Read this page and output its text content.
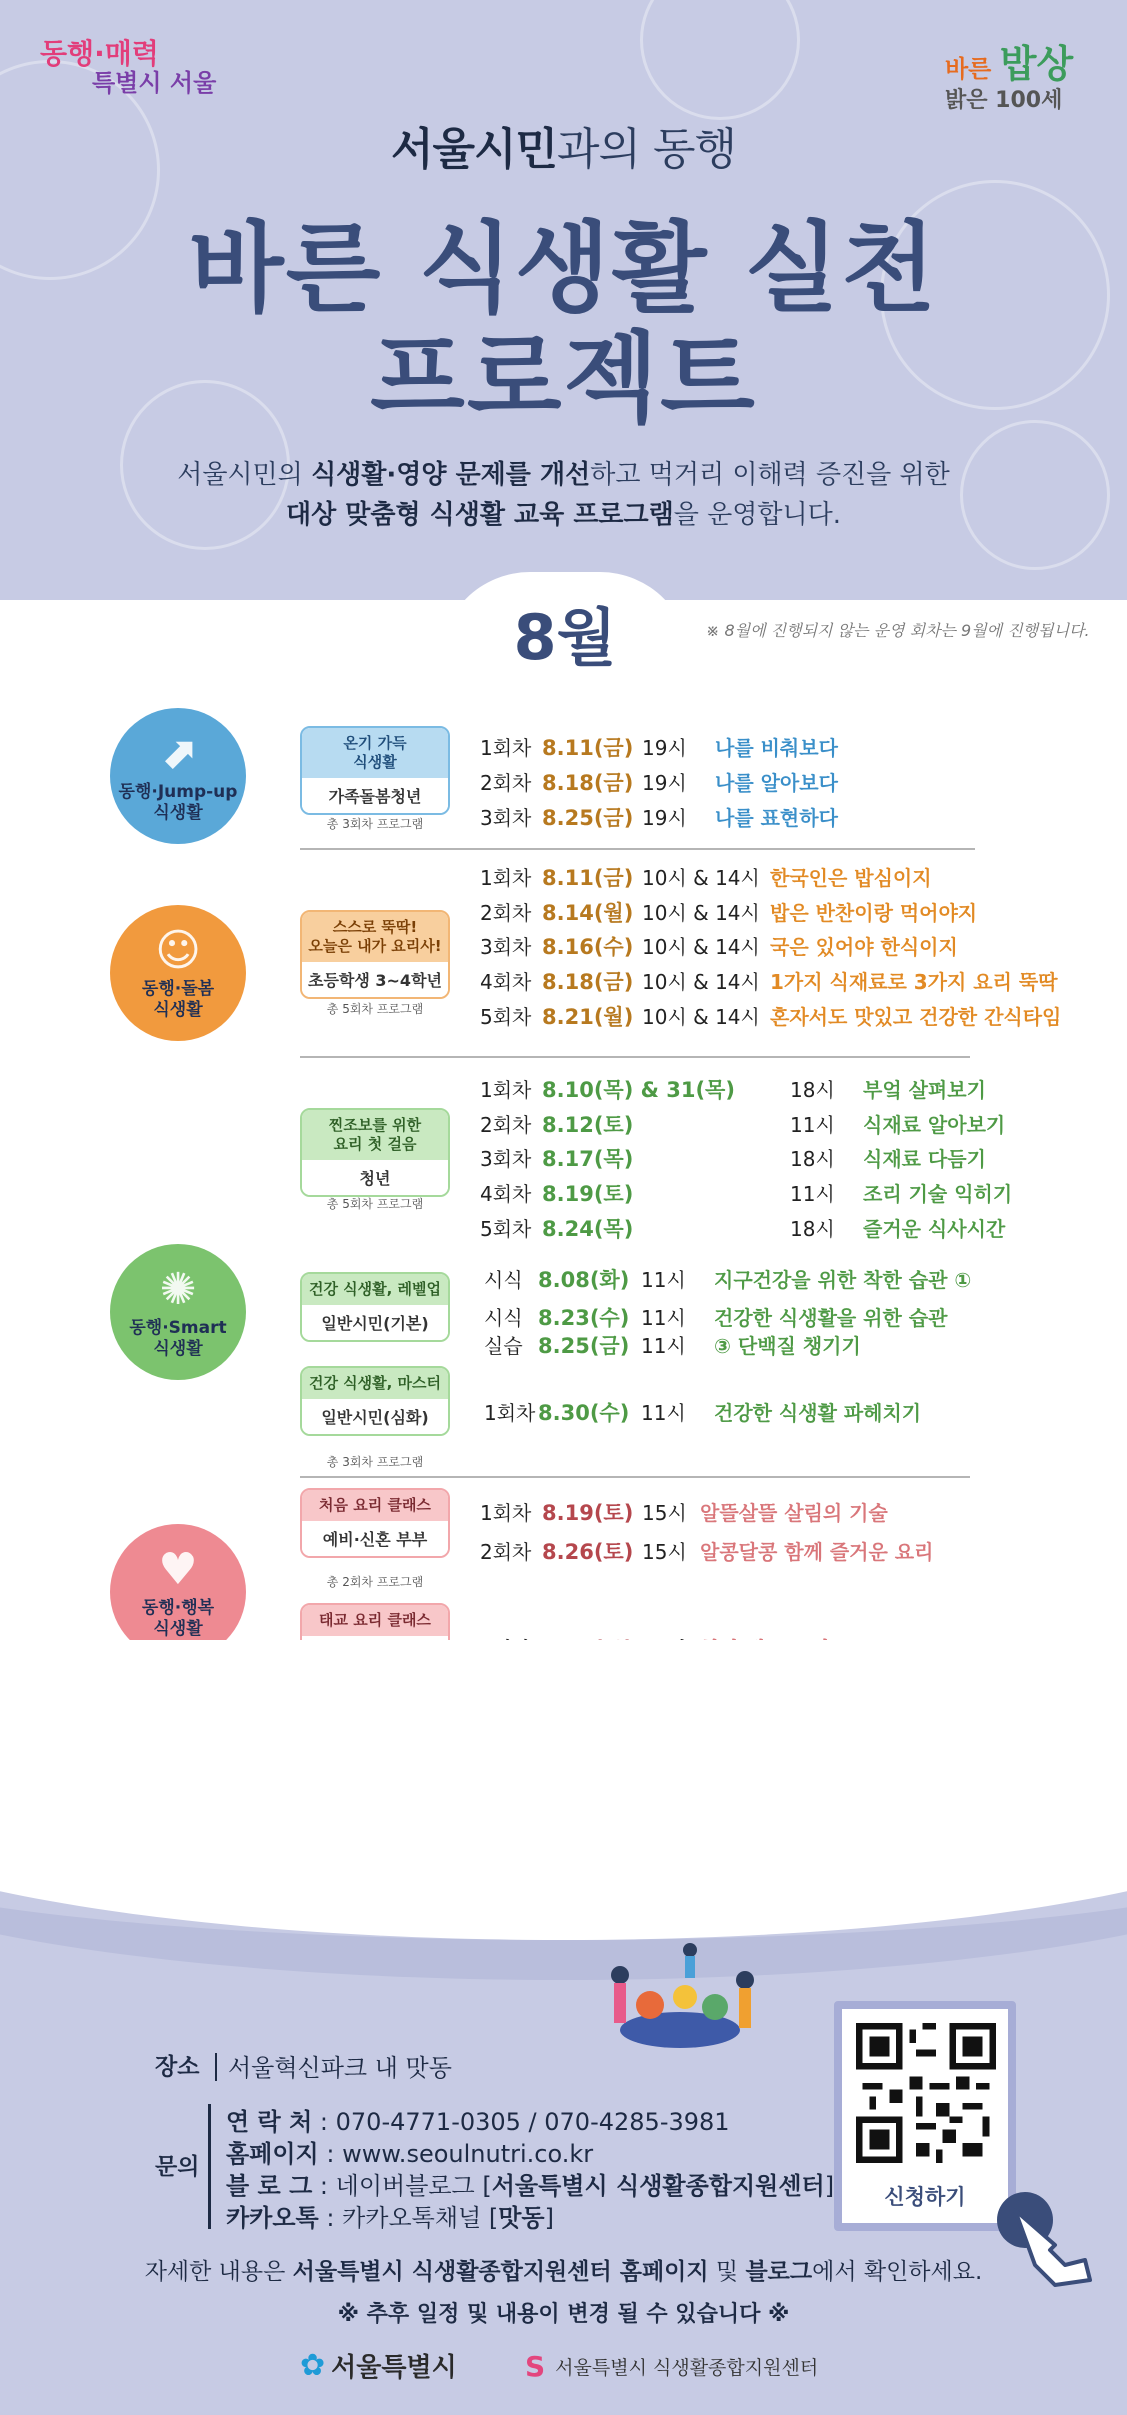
동행·매력
특별시 서울
바른 밥상
밝은 100세
서울시민과의 동행
바른 식생활 실천
프로젝트
서울시민의 식생활·영양 문제를 개선하고 먹거리 이해력 증진을 위한
대상 맞춤형 식생활 교육 프로그램을 운영합니다.
8월	※ 8월에 진행되지 않는 운영 회차는 9월에 진행됩니다.
⬈
동행·Jump-up
식생활
☺
동행·돌봄
식생활
✺
동행·Smart
식생활
♥
동행·행복
식생활
온기 가득
식생활
가족돌봄청년
총 3회차 프로그램
스스로 뚝딱!
오늘은 내가 요리사!
초등학생 3~4학년
총 5회차 프로그램
찐조보를 위한
요리 첫 걸음
청년
총 5회차 프로그램
건강 식생활, 레벨업
일반시민(기본)
건강 식생활, 마스터
일반시민(심화)
총 3회차 프로그램
처음 요리 클래스
예비·신혼 부부
총 2회차 프로그램
태교 요리 클래스
1회차 8.11(금) 19시	나를 비춰보다
2회차 8.18(금) 19시	나를 알아보다
3회차 8.25(금) 19시	나를 표현하다
1회차 8.11(금) 10시 & 14시 한국인은 밥심이지
2회차 8.14(월) 10시 & 14시 밥은 반찬이랑 먹어야지
3회차 8.16(수) 10시 & 14시 국은 있어야 한식이지
4회차 8.18(금) 10시 & 14시 1가지 식재료로 3가지 요리 뚝딱
5회차 8.21(월) 10시 & 14시 혼자서도 맛있고 건강한 간식타임
1회차 8.10(목) & 31(목)	18시	부엌 살펴보기
2회차 8.12(토)	11시	식재료 알아보기
3회차 8.17(목)	18시	식재료 다듬기
4회차 8.19(토)	11시	조리 기술 익히기
5회차 8.24(목)	18시	즐거운 식사시간
시식 8.08(화) 11시	지구건강을 위한 착한 습관 ①
시식 8.23(수) 11시	건강한 식생활을 위한 습관
실습 8.25(금) 11시	③ 단백질 챙기기
1회차 8.30(수) 11시	건강한 식생활 파헤치기
1회차 8.19(토) 15시 알뜰살뜰 살림의 기술
2회차 8.26(토) 15시 알콩달콩 함께 즐거운 요리
장소 서울혁신파크 내 맛동
문의
연 락 처 : 070-4771-0305 / 070-4285-3981
홈페이지 : www.seoulnutri.co.kr
블 로 그 : 네이버블로그 [서울특별시 식생활종합지원센터]
카카오톡 : 카카오톡채널 [맛동]
신청하기
자세한 내용은 서울특별시 식생활종합지원센터 홈페이지 및 블로그에서 확인하세요.
※ 추후 일정 및 내용이 변경 될 수 있습니다 ※
✿ 서울특별시 S 서울특별시 식생활종합지원센터
